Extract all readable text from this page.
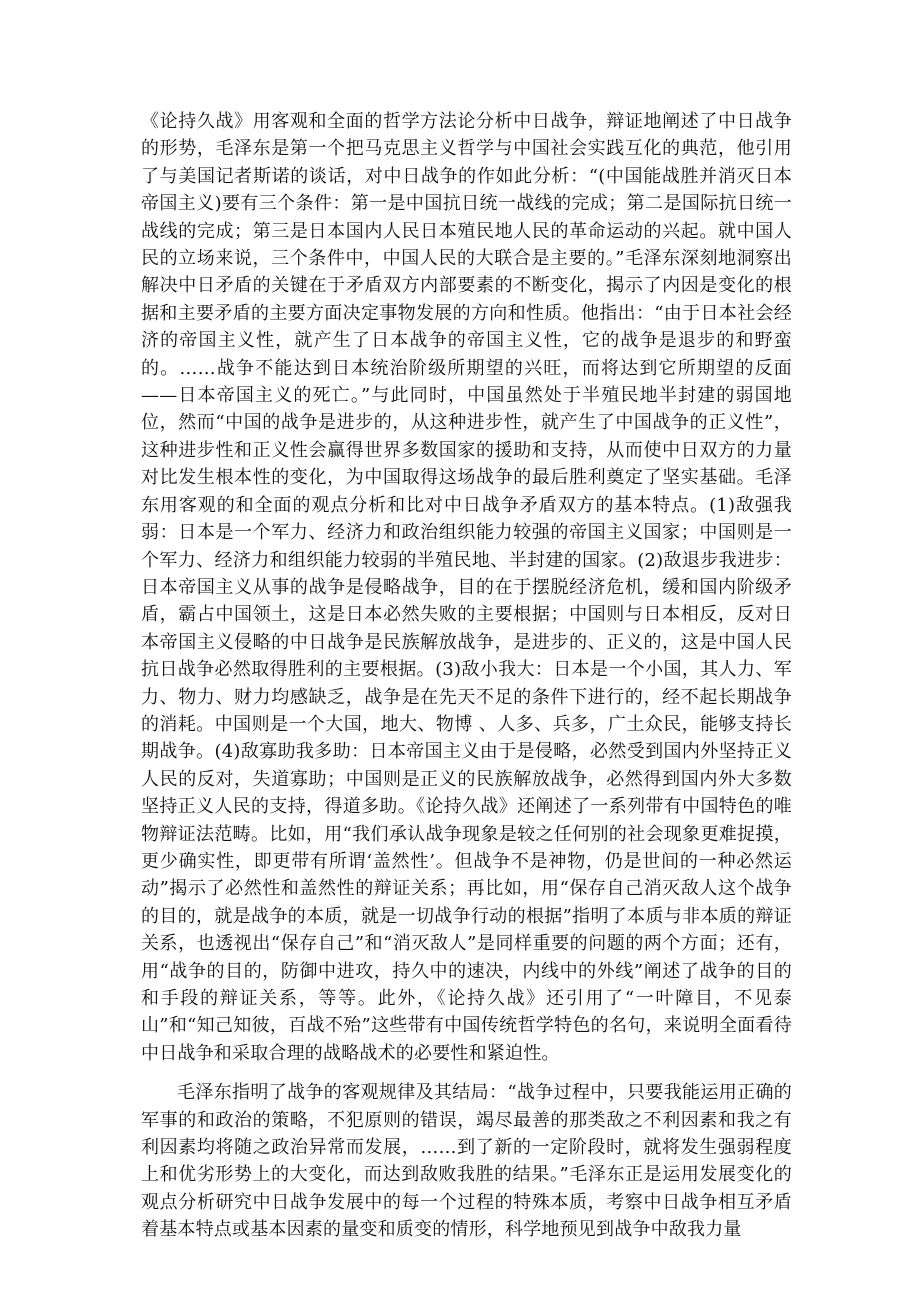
《论持久战》用客观和全面的哲学方法论分析中日战争，辩证地阐述了中日战争的形势，毛泽东是第一个把马克思主义哲学与中国社会实践互化的典范，他引用了与美国记者斯诺的谈话，对中日战争的作如此分析：“(中国能战胜并消灭日本帝国主义)要有三个条件：第一是中国抗日统一战线的完成；第二是国际抗日统一战线的完成；第三是日本国内人民日本殖民地人民的革命运动的兴起。就中国人民的立场来说，三个条件中，中国人民的大联合是主要的。”毛泽东深刻地洞察出解决中日矛盾的关键在于矛盾双方内部要素的不断变化，揭示了内因是变化的根据和主要矛盾的主要方面决定事物发展的方向和性质。他指出：“由于日本社会经济的帝国主义性，就产生了日本战争的帝国主义性，它的战争是退步的和野蛮的。……战争不能达到日本统治阶级所期望的兴旺，而将达到它所期望的反面——日本帝国主义的死亡。”与此同时，中国虽然处于半殖民地半封建的弱国地位，然而“中国的战争是进步的，从这种进步性，就产生了中国战争的正义性”，这种进步性和正义性会赢得世界多数国家的援助和支持，从而使中日双方的力量对比发生根本性的变化，为中国取得这场战争的最后胜利奠定了坚实基础。毛泽东用客观的和全面的观点分析和比对中日战争矛盾双方的基本特点。(1)敌强我弱：日本是一个军力、经济力和政治组织能力较强的帝国主义国家；中国则是一个军力、经济力和组织能力较弱的半殖民地、半封建的国家。(2)敌退步我进步：日本帝国主义从事的战争是侵略战争，目的在于摆脱经济危机，缓和国内阶级矛盾，霸占中国领土，这是日本必然失败的主要根据；中国则与日本相反，反对日本帝国主义侵略的中日战争是民族解放战争，是进步的、正义的，这是中国人民抗日战争必然取得胜利的主要根据。(3)敌小我大：日本是一个小国，其人力、军力、物力、财力均感缺乏，战争是在先天不足的条件下进行的，经不起长期战争的消耗。中国则是一个大国，地大、物博 、人多、兵多，广土众民，能够支持长期战争。(4)敌寡助我多助：日本帝国主义由于是侵略，必然受到国内外坚持正义人民的反对，失道寡助；中国则是正义的民族解放战争，必然得到国内外大多数坚持正义人民的支持，得道多助。《论持久战》还阐述了一系列带有中国特色的唯物辩证法范畴。比如，用“我们承认战争现象是较之任何别的社会现象更难捉摸，更少确实性，即更带有所谓‘盖然性’。但战争不是神物，仍是世间的一种必然运动”揭示了必然性和盖然性的辩证关系；再比如，用“保存自己消灭敌人这个战争的目的，就是战争的本质，就是一切战争行动的根据”指明了本质与非本质的辩证关系，也透视出“保存自己”和“消灭敌人”是同样重要的问题的两个方面；还有，用“战争的目的，防御中进攻，持久中的速决，内线中的外线”阐述了战争的目的和手段的辩证关系，等等。此外，《论持久战》还引用了“一叶障目，不见泰山”和“知己知彼，百战不殆”这些带有中国传统哲学特色的名句，来说明全面看待中日战争和采取合理的战略战术的必要性和紧迫性。

毛泽东指明了战争的客观规律及其结局：“战争过程中，只要我能运用正确的军事的和政治的策略，不犯原则的错误，竭尽最善的那类敌之不利因素和我之有利因素均将随之政治异常而发展，……到了新的一定阶段时，就将发生强弱程度上和优劣形势上的大变化，而达到敌败我胜的结果。”毛泽东正是运用发展变化的观点分析研究中日战争发展中的每一个过程的特殊本质，考察中日战争相互矛盾着基本特点或基本因素的量变和质变的情形，科学地预见到战争中敌我力量
